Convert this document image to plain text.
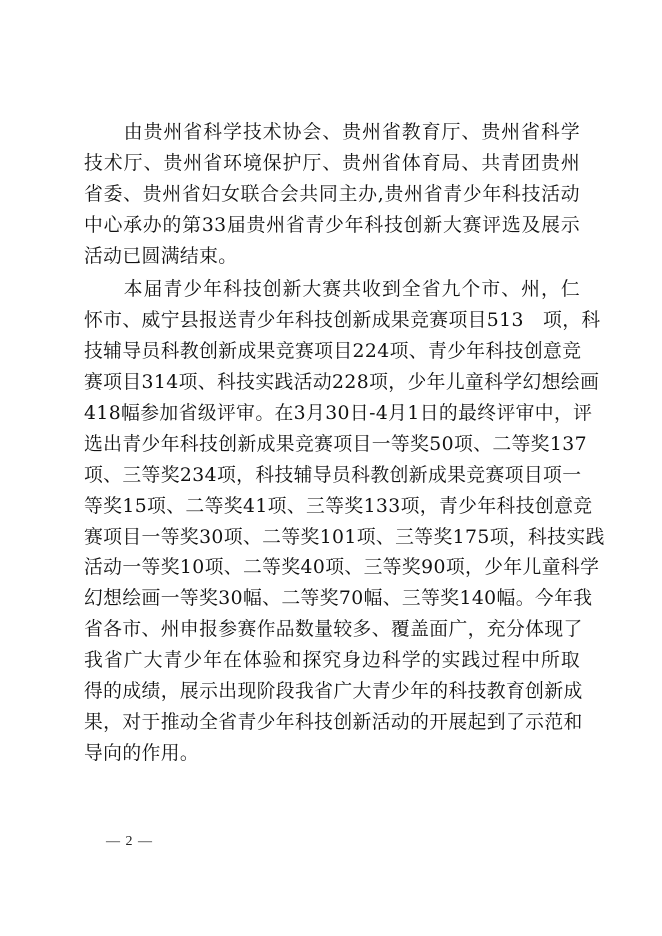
　　由贵州省科学技术协会、贵州省教育厅、贵州省科学
技术厅、贵州省环境保护厅、贵州省体育局、共青团贵州
省委、贵州省妇女联合会共同主办,贵州省青少年科技活动
中心承办的第33届贵州省青少年科技创新大赛评选及展示
活动已圆满结束。
　　本届青少年科技创新大赛共收到全省九个市、州，仁
怀市、威宁县报送青少年科技创新成果竞赛项目513　项，科
技辅导员科教创新成果竞赛项目224项、青少年科技创意竞
赛项目314项、科技实践活动228项，少年儿童科学幻想绘画
418幅参加省级评审。在3月30日-4月1日的最终评审中，评
选出青少年科技创新成果竞赛项目一等奖50项、二等奖137
项、三等奖234项，科技辅导员科教创新成果竞赛项目项一
等奖15项、二等奖41项、三等奖133项，青少年科技创意竞
赛项目一等奖30项、二等奖101项、三等奖175项，科技实践
活动一等奖10项、二等奖40项、三等奖90项，少年儿童科学
幻想绘画一等奖30幅、二等奖70幅、三等奖140幅。今年我
省各市、州申报参赛作品数量较多、覆盖面广，充分体现了
我省广大青少年在体验和探究身边科学的实践过程中所取
得的成绩，展示出现阶段我省广大青少年的科技教育创新成
果，对于推动全省青少年科技创新活动的开展起到了示范和
导向的作用。
— 2 —
